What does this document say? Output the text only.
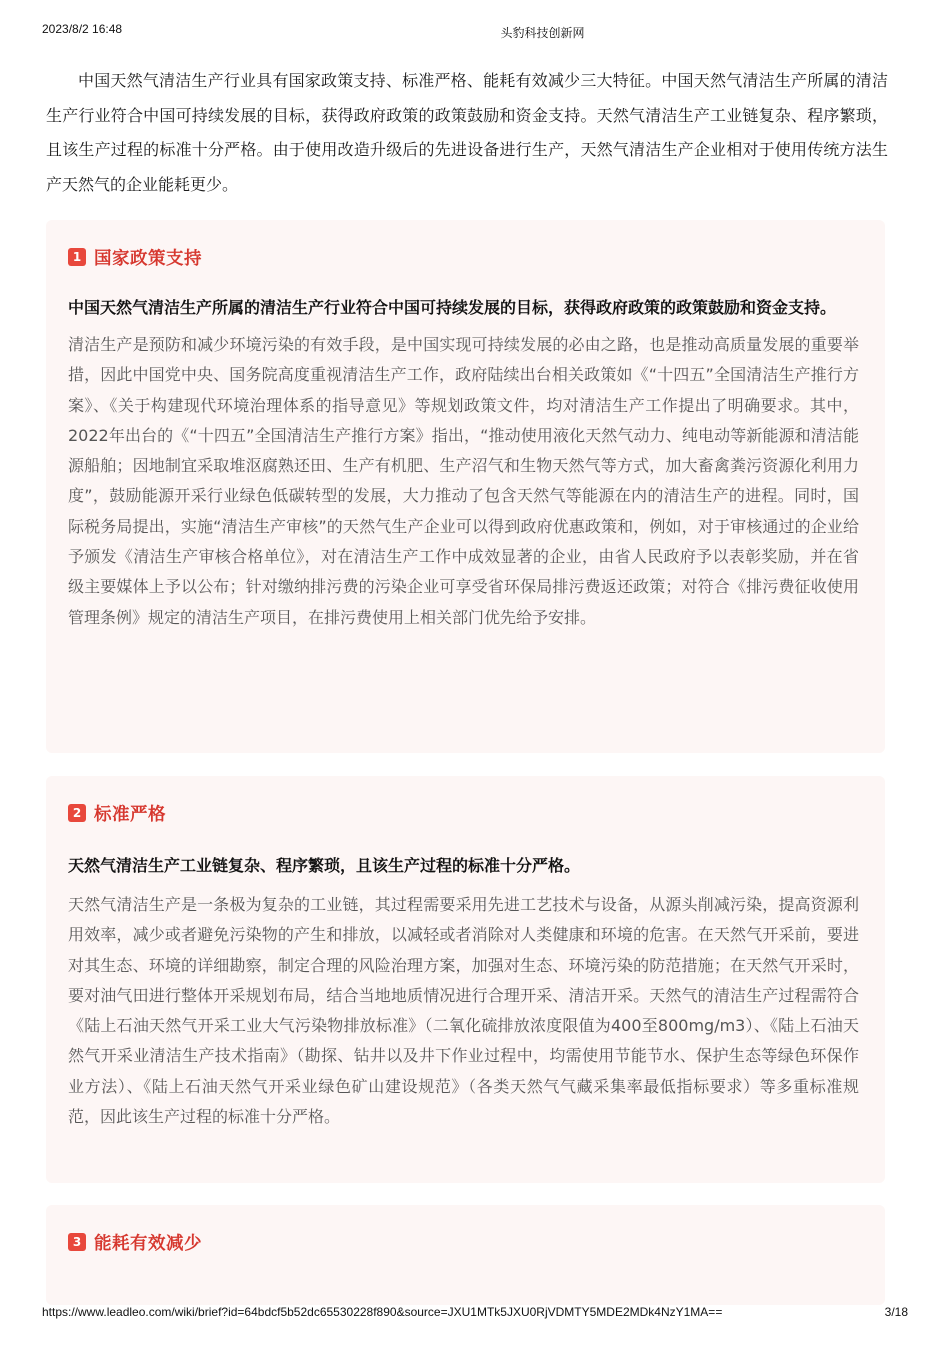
2023/8/2 16:48	头豹科技创新网

中国天然气清洁生产行业具有国家政策支持、标准严格、能耗有效减少三大特征。中国天然气清洁生产所属的清洁生产行业符合中国可持续发展的目标，获得政府政策的政策鼓励和资金支持。天然气清洁生产工业链复杂、程序繁琐，且该生产过程的标准十分严格。由于使用改造升级后的先进设备进行生产，天然气清洁生产企业相对于使用传统方法生产天然气的企业能耗更少。

1 国家政策支持

中国天然气清洁生产所属的清洁生产行业符合中国可持续发展的目标，获得政府政策的政策鼓励和资金支持。

清洁生产是预防和减少环境污染的有效手段，是中国实现可持续发展的必由之路，也是推动高质量发展的重要举措，因此中国党中央、国务院高度重视清洁生产工作，政府陆续出台相关政策如《“十四五”全国清洁生产推行方案》、《关于构建现代环境治理体系的指导意见》等规划政策文件，均对清洁生产工作提出了明确要求。其中，2022年出台的《“十四五”全国清洁生产推行方案》指出，“推动使用液化天然气动力、纯电动等新能源和清洁能源船舶；因地制宜采取堆沤腐熟还田、生产有机肥、生产沼气和生物天然气等方式，加大畜禽粪污资源化利用力度”，鼓励能源开采行业绿色低碳转型的发展，大力推动了包含天然气等能源在内的清洁生产的进程。同时，国际税务局提出，实施“清洁生产审核”的天然气生产企业可以得到政府优惠政策和，例如，对于审核通过的企业给予颁发《清洁生产审核合格单位》，对在清洁生产工作中成效显著的企业，由省人民政府予以表彰奖励，并在省级主要媒体上予以公布；针对缴纳排污费的污染企业可享受省环保局排污费返还政策；对符合《排污费征收使用管理条例》规定的清洁生产项目，在排污费使用上相关部门优先给予安排。

2 标准严格

天然气清洁生产工业链复杂、程序繁琐，且该生产过程的标准十分严格。

天然气清洁生产是一条极为复杂的工业链，其过程需要采用先进工艺技术与设备，从源头削减污染，提高资源利用效率，减少或者避免污染物的产生和排放，以减轻或者消除对人类健康和环境的危害。在天然气开采前，要进对其生态、环境的详细勘察，制定合理的风险治理方案，加强对生态、环境污染的防范措施；在天然气开采时，要对油气田进行整体开采规划布局，结合当地地质情况进行合理开采、清洁开采。天然气的清洁生产过程需符合《陆上石油天然气开采工业大气污染物排放标准》（二氧化硫排放浓度限值为400至800mg/m3）、《陆上石油天然气开采业清洁生产技术指南》（勘探、钻井以及井下作业过程中，均需使用节能节水、保护生态等绿色环保作业方法）、《陆上石油天然气开采业绿色矿山建设规范》（各类天然气气藏采集率最低指标要求）等多重标准规范，因此该生产过程的标准十分严格。

3 能耗有效减少
https://www.leadleo.com/wiki/brief?id=64bdcf5b52dc65530228f890&source=JXU1MTk5JXU0RjVDMTY5MDE2MDk4NzY1MA==	3/18
